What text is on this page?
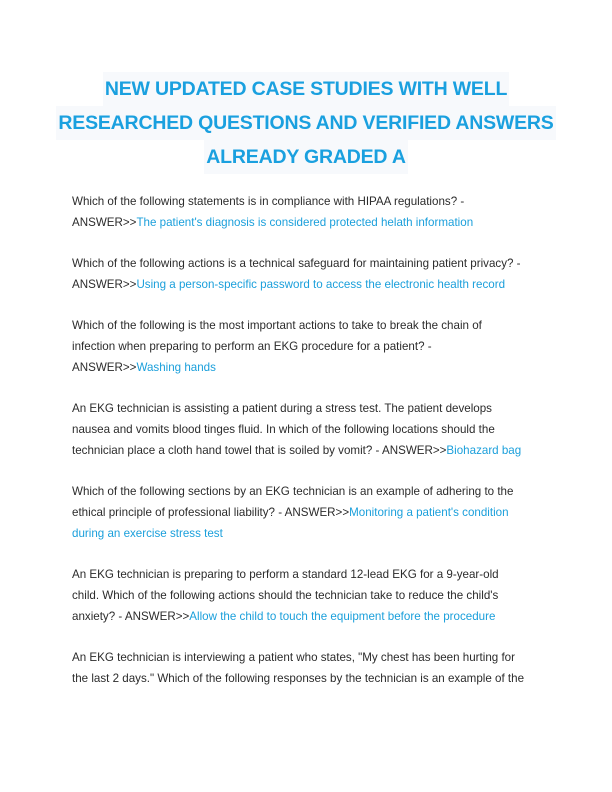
NEW UPDATED CASE STUDIES WITH WELL
RESEARCHED QUESTIONS AND VERIFIED ANSWERS
ALREADY GRADED A
Which of the following statements is in compliance with HIPAA regulations? -
ANSWER>>The patient's diagnosis is considered protected helath information
Which of the following actions is a technical safeguard for maintaining patient privacy? -
ANSWER>>Using a person-specific password to access the electronic health record
Which of the following is the most important actions to take to break the chain of
infection when preparing to perform an EKG procedure for a patient? -
ANSWER>>Washing hands
An EKG technician is assisting a patient during a stress test. The patient develops
nausea and vomits blood tinges fluid. In which of the following locations should the
technician place a cloth hand towel that is soiled by vomit? - ANSWER>>Biohazard bag
Which of the following sections by an EKG technician is an example of adhering to the
ethical principle of professional liability? - ANSWER>>Monitoring a patient's condition
during an exercise stress test
An EKG technician is preparing to perform a standard 12-lead EKG for a 9-year-old
child. Which of the following actions should the technician take to reduce the child's
anxiety? - ANSWER>>Allow the child to touch the equipment before the procedure
An EKG technician is interviewing a patient who states, "My chest has been hurting for
the last 2 days." Which of the following responses by the technician is an example of the
